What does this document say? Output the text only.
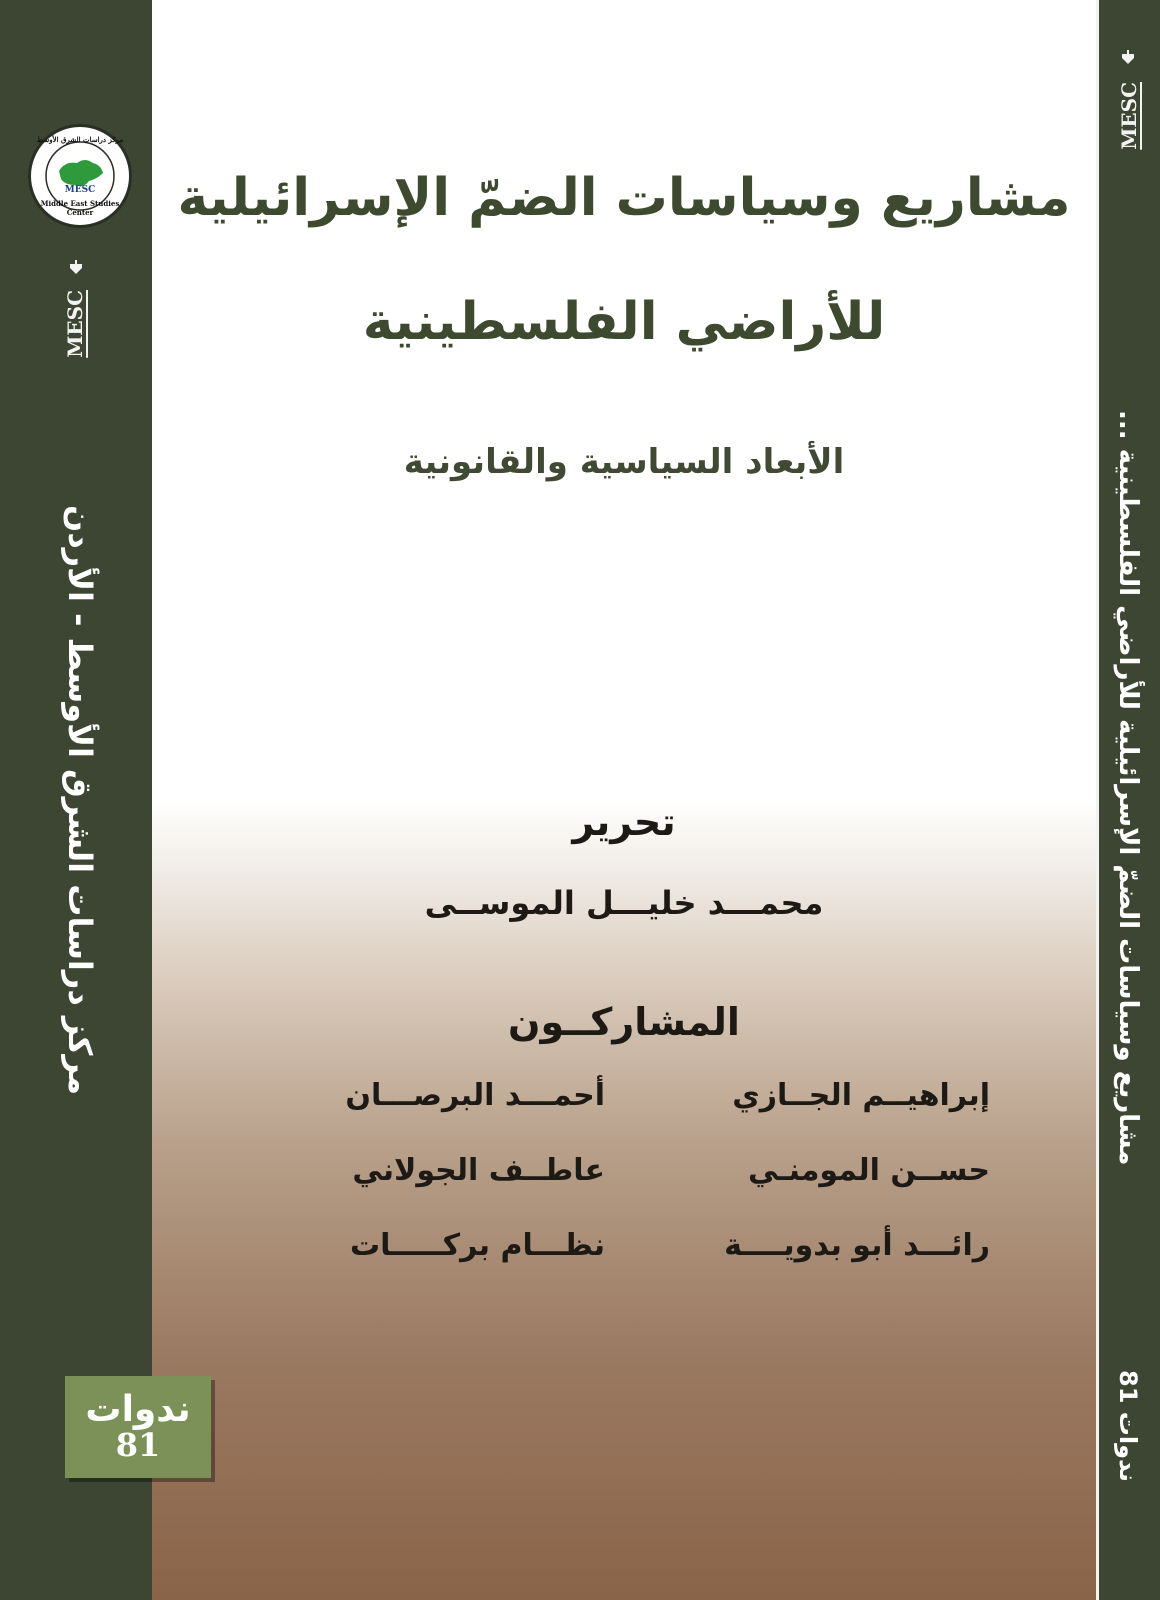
مركز دراسات الشرق الأوسط
MESC
Middle East Studies Center
MESC
MESC
مركز دراسات الشرق الأوسط - الأردن	مشاريع وسياسات الضمّ الإسرائيلية للأراضي الفلسطينية ...
ندوات 81
مشاريع وسياسات الضمّ الإسرائيلية
للأراضي الفلسطينية
الأبعاد السياسية والقانونية
تحرير
محمـــد خليـــل الموســى
المشاركــون
إبراهيــم الجــازي
أحمـــد البرصـــان
حســن المومنـي
عاطــف الجولاني
رائـــد أبو بدويــــة
نظـــام بركـــــات
ندوات
81
